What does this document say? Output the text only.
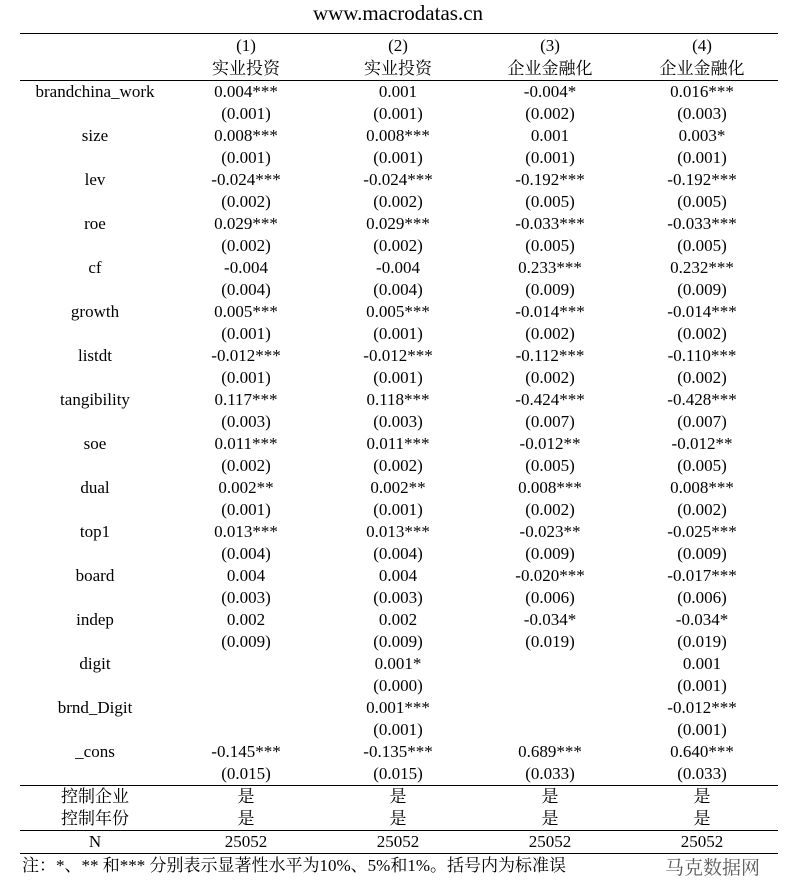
www.macrodatas.cn
	(1)	(2)	(3)	(4)
	实业投资	实业投资	企业金融化	企业金融化
brandchina_work	0.004***	0.001	-0.004*	0.016***
	(0.001)	(0.001)	(0.002)	(0.003)
size	0.008***	0.008***	0.001	0.003*
	(0.001)	(0.001)	(0.001)	(0.001)
lev	-0.024***	-0.024***	-0.192***	-0.192***
	(0.002)	(0.002)	(0.005)	(0.005)
roe	0.029***	0.029***	-0.033***	-0.033***
	(0.002)	(0.002)	(0.005)	(0.005)
cf	-0.004	-0.004	0.233***	0.232***
	(0.004)	(0.004)	(0.009)	(0.009)
growth	0.005***	0.005***	-0.014***	-0.014***
	(0.001)	(0.001)	(0.002)	(0.002)
listdt	-0.012***	-0.012***	-0.112***	-0.110***
	(0.001)	(0.001)	(0.002)	(0.002)
tangibility	0.117***	0.118***	-0.424***	-0.428***
	(0.003)	(0.003)	(0.007)	(0.007)
soe	0.011***	0.011***	-0.012**	-0.012**
	(0.002)	(0.002)	(0.005)	(0.005)
dual	0.002**	0.002**	0.008***	0.008***
	(0.001)	(0.001)	(0.002)	(0.002)
top1	0.013***	0.013***	-0.023**	-0.025***
	(0.004)	(0.004)	(0.009)	(0.009)
board	0.004	0.004	-0.020***	-0.017***
	(0.003)	(0.003)	(0.006)	(0.006)
indep	0.002	0.002	-0.034*	-0.034*
	(0.009)	(0.009)	(0.019)	(0.019)
digit		0.001*		0.001
		(0.000)		(0.001)
brnd_Digit		0.001***		-0.012***
		(0.001)		(0.001)
_cons	-0.145***	-0.135***	0.689***	0.640***
	(0.015)	(0.015)	(0.033)	(0.033)
控制企业	是	是	是	是
控制年份	是	是	是	是
N	25052	25052	25052	25052
注：*、** 和*** 分别表示显著性水平为10%、5%和1%。括号内为标准误	马克数据网
